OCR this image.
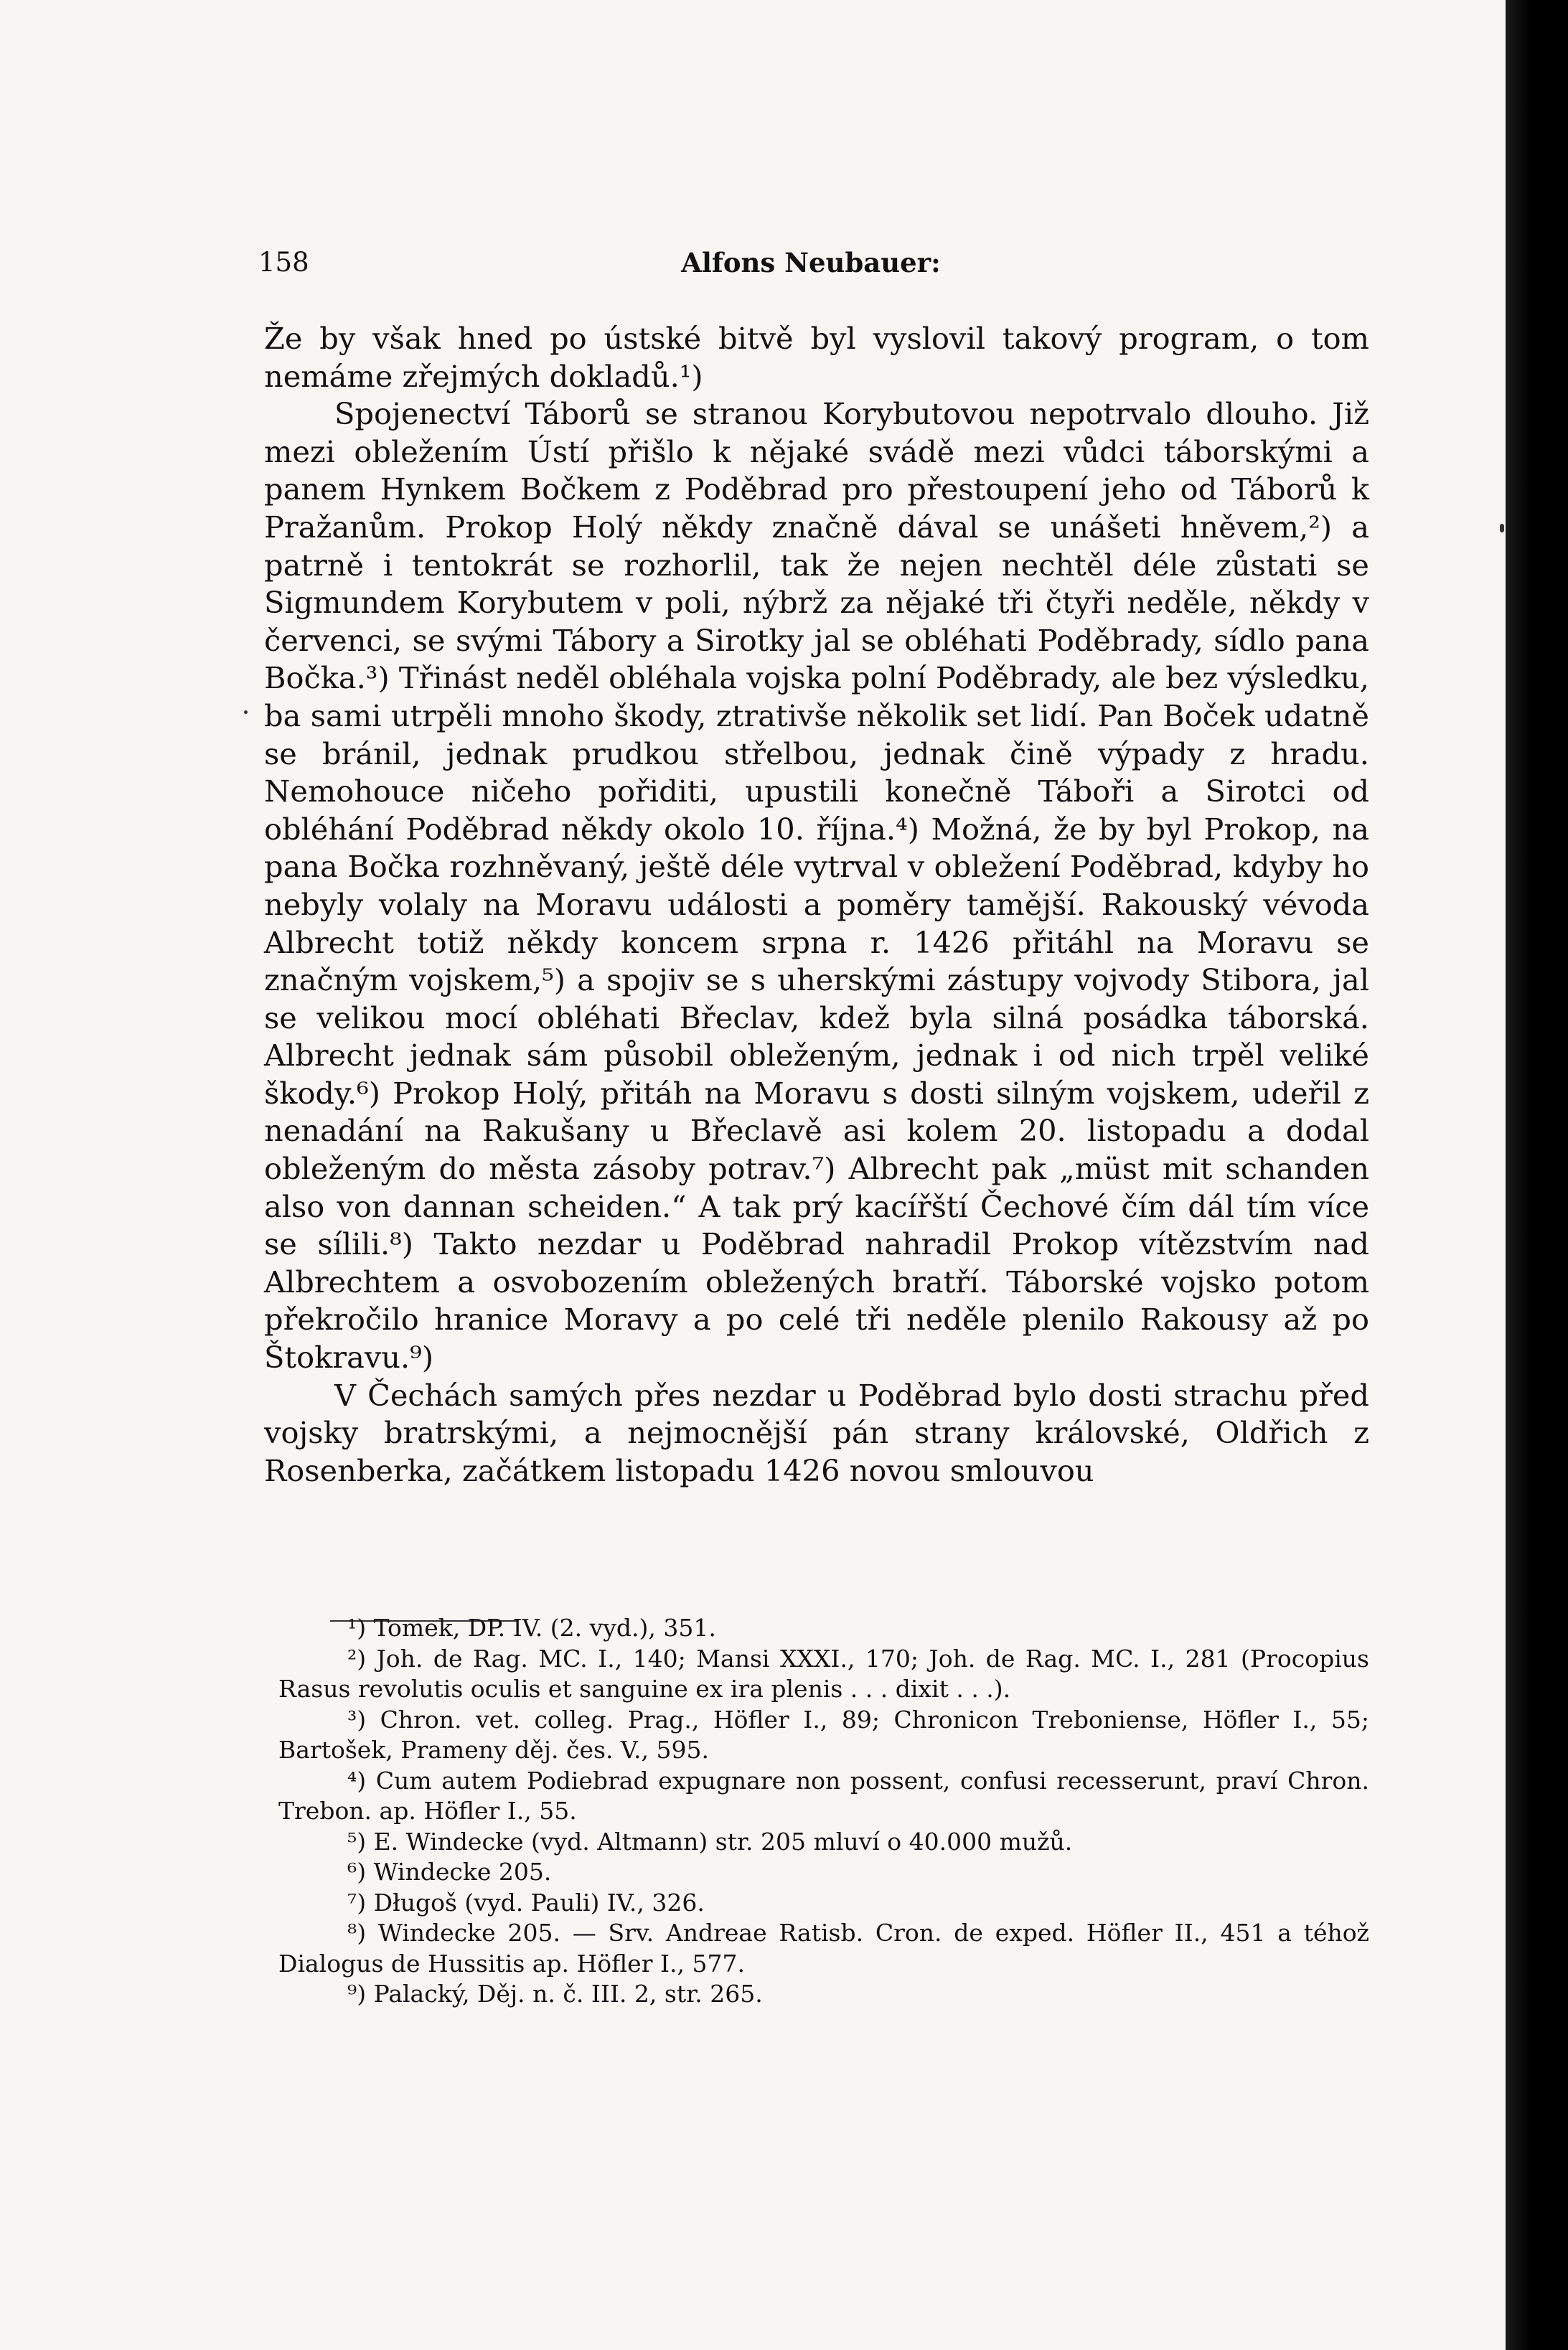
158	Alfons Neubauer:

Že by však hned po ústské bitvě byl vyslovil takový program, o tom nemáme zřejmých dokladů.¹)

Spojenectví Táborů se stranou Korybutovou nepotrvalo dlouho. Již mezi obležením Ústí přišlo k nějaké svádě mezi vůdci táborskými a panem Hynkem Bočkem z Poděbrad pro přestoupení jeho od Táborů k Pražanům. Prokop Holý někdy značně dával se unášeti hněvem,²) a patrně i tentokrát se rozhorlil, tak že nejen nechtěl déle zůstati se Sigmundem Korybutem v poli, nýbrž za nějaké tři čtyři neděle, někdy v červenci, se svými Tábory a Sirotky jal se obléhati Poděbrady, sídlo pana Bočka.³) Třinást neděl obléhala vojska polní Poděbrady, ale bez výsledku, ba sami utrpěli mnoho škody, ztrativše několik set lidí. Pan Boček udatně se bránil, jednak prudkou střelbou, jednak čině výpady z hradu. Nemohouce ničeho pořiditi, upustili konečně Táboři a Sirotci od obléhání Poděbrad někdy okolo 10. října.⁴) Možná, že by byl Prokop, na pana Bočka rozhněvaný, ještě déle vytrval v obležení Poděbrad, kdyby ho nebyly volaly na Moravu události a poměry tamější. Rakouský vévoda Albrecht totiž někdy koncem srpna r. 1426 přitáhl na Moravu se značným vojskem,⁵) a spojiv se s uherskými zástupy vojvody Stibora, jal se velikou mocí obléhati Břeclav, kdež byla silná posádka táborská. Albrecht jednak sám působil obleženým, jednak i od nich trpěl veliké škody.⁶) Prokop Holý, přitáh na Moravu s dosti silným vojskem, udeřil z nenadání na Rakušany u Břeclavě asi kolem 20. listopadu a dodal obleženým do města zásoby potrav.⁷) Albrecht pak „müst mit schanden also von dannan scheiden.“ A tak prý kacířští Čechové čím dál tím více se sílili.⁸) Takto nezdar u Poděbrad nahradil Prokop vítězstvím nad Albrechtem a osvobozením obležených bratří. Táborské vojsko potom překročilo hranice Moravy a po celé tři neděle plenilo Rakousy až po Štokravu.⁹)

V Čechách samých přes nezdar u Poděbrad bylo dosti strachu před vojsky bratrskými, a nejmocnější pán strany královské, Oldřich z Rosenberka, začátkem listopadu 1426 novou smlouvou

¹) Tomek, DP. IV. (2. vyd.), 351.

²) Joh. de Rag. MC. I., 140; Mansi XXXI., 170; Joh. de Rag. MC. I., 281 (Procopius Rasus revolutis oculis et sanguine ex ira plenis . . . dixit . . .).

³) Chron. vet. colleg. Prag., Höfler I., 89; Chronicon Treboniense, Höfler I., 55; Bartošek, Prameny děj. čes. V., 595.

⁴) Cum autem Podiebrad expugnare non possent, confusi recesserunt, praví Chron. Trebon. ap. Höfler I., 55.

⁵) E. Windecke (vyd. Altmann) str. 205 mluví o 40.000 mužů.

⁶) Windecke 205.

⁷) Długoš (vyd. Pauli) IV., 326.

⁸) Windecke 205. — Srv. Andreae Ratisb. Cron. de exped. Höfler II., 451 a téhož Dialogus de Hussitis ap. Höfler I., 577.

⁹) Palacký, Děj. n. č. III. 2, str. 265.
